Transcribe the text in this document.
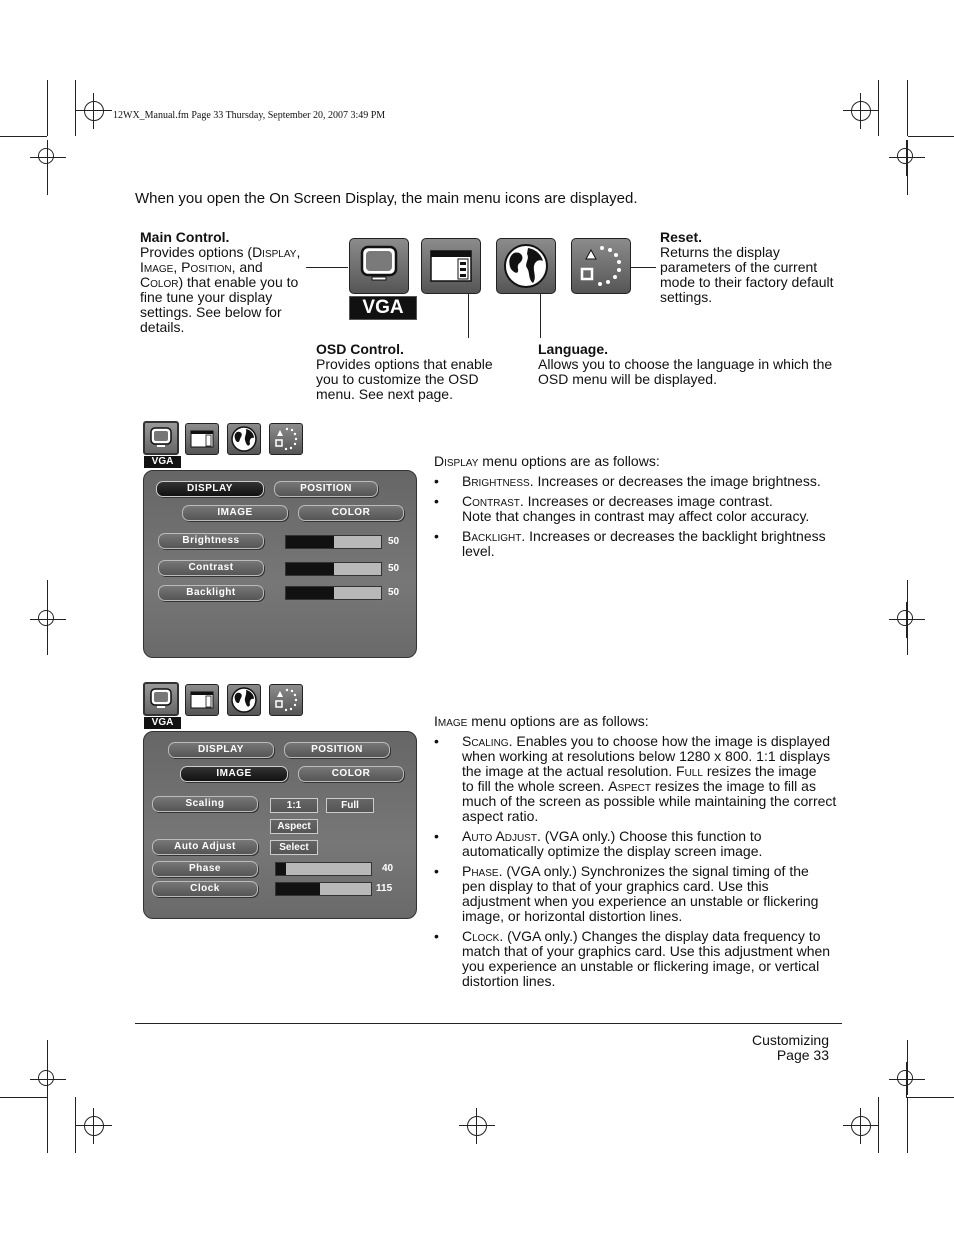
12WX_Manual.fm Page 33 Thursday, September 20, 2007 3:49 PM
When you open the On Screen Display, the main menu icons are displayed.
Main Control.
Provides options (Display,
Image, Position, and
Color) that enable you to
fine tune your display
settings. See below for
details.
Reset.
Returns the display
parameters of the current
mode to their factory default
settings.
VGA
OSD Control.
Provides options that enable
you to customize the OSD
menu. See next page.
Language.
Allows you to choose the language in which the
OSD menu will be displayed.
VGA
DISPLAY	POSITION
IMAGE	COLOR
Brightness	50
Contrast	50
Backlight	50
Display menu options are as follows:
•	Brightness. Increases or decreases the image brightness.
•	Contrast. Increases or decreases image contrast.
Note that changes in contrast may affect color accuracy.
•	Backlight. Increases or decreases the backlight brightness
level.
VGA
DISPLAY	POSITION
IMAGE	COLOR
Scaling	1:1	Full
Aspect
Auto Adjust	Select
Phase	40
Clock	115
Image menu options are as follows:
•	Scaling. Enables you to choose how the image is displayed
when working at resolutions below 1280 x 800. 1:1 displays
the image at the actual resolution. Full resizes the image
to fill the whole screen. Aspect resizes the image to fill as
much of the screen as possible while maintaining the correct
aspect ratio.
•	Auto Adjust. (VGA only.) Choose this function to
automatically optimize the display screen image.
•	Phase. (VGA only.) Synchronizes the signal timing of the
pen display to that of your graphics card. Use this
adjustment when you experience an unstable or flickering
image, or horizontal distortion lines.
•	Clock. (VGA only.) Changes the display data frequency to
match that of your graphics card. Use this adjustment when
you experience an unstable or flickering image, or vertical
distortion lines.
Customizing
Page 33
